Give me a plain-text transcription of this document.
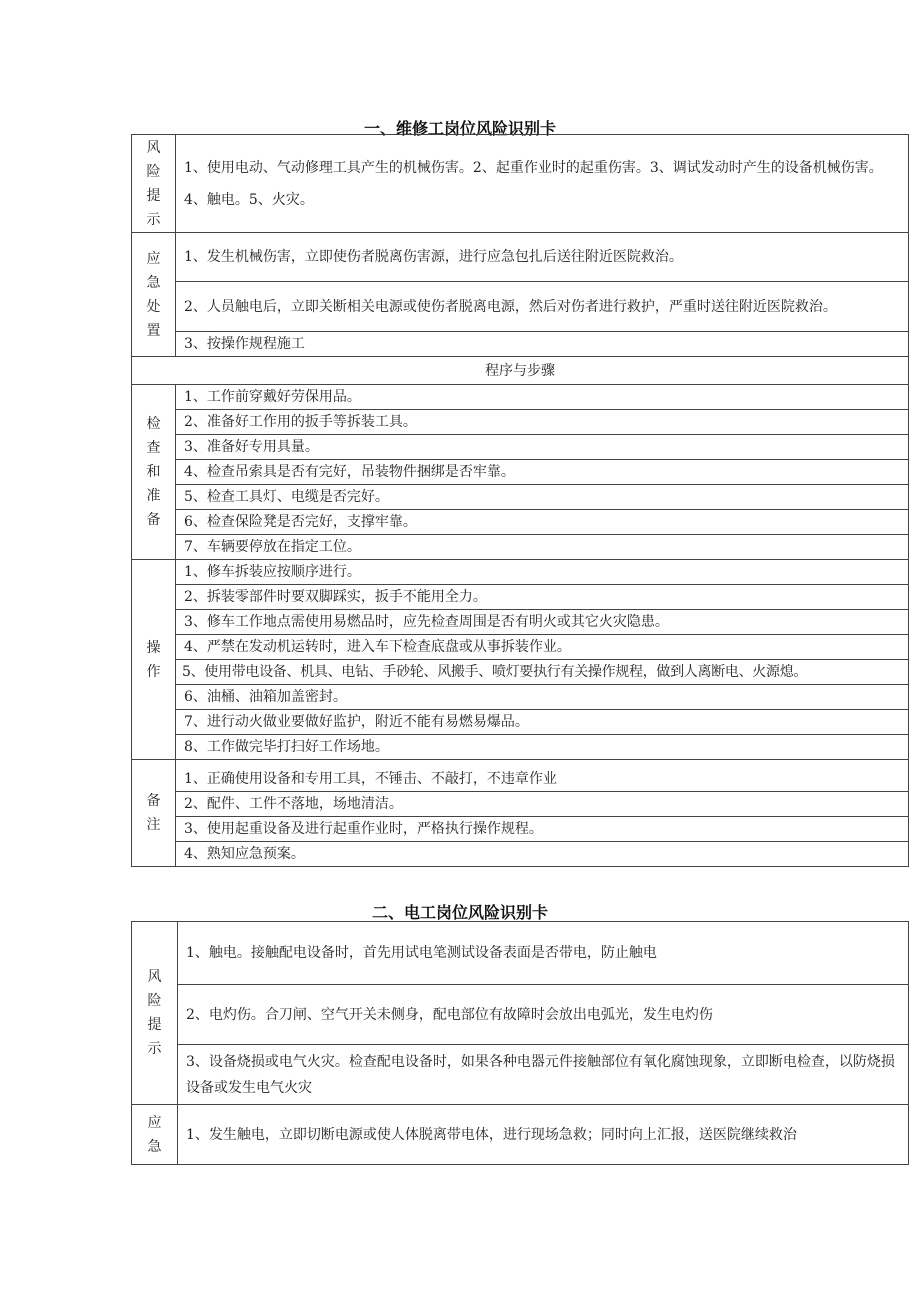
一、维修工岗位风险识别卡
风险提示	1、使用电动、气动修理工具产生的机械伤害。2、起重作业时的起重伤害。3、调试发动时产生的设备机械伤害。4、触电。5、火灾。
应急处置	1、发生机械伤害，立即使伤者脱离伤害源，进行应急包扎后送往附近医院救治。
	2、人员触电后，立即关断相关电源或使伤者脱离电源，然后对伤者进行救护，严重时送往附近医院救治。
	3、按操作规程施工
程序与步骤	
检查和准备	1、工作前穿戴好劳保用品。
	2、准备好工作用的扳手等拆装工具。
	3、准备好专用具量。
	4、检查吊索具是否有完好，吊装物件捆绑是否牢靠。
	5、检查工具灯、电缆是否完好。
	6、检查保险凳是否完好，支撑牢靠。
	7、车辆要停放在指定工位。
操作	1、修车拆装应按顺序进行。
	2、拆装零部件时要双脚踩实，扳手不能用全力。
	3、修车工作地点需使用易燃品时，应先检查周围是否有明火或其它火灾隐患。
	4、严禁在发动机运转时，进入车下检查底盘或从事拆装作业。
	5、使用带电设备、机具、电钻、手砂轮、风搬手、喷灯要执行有关操作规程，做到人离断电、火源熄。
	6、油桶、油箱加盖密封。
	7、进行动火做业要做好监护，附近不能有易燃易爆品。
	8、工作做完毕打扫好工作场地。
备注	1、正确使用设备和专用工具，不锤击、不敲打，不违章作业
	2、配件、工件不落地，场地清洁。
	3、使用起重设备及进行起重作业时，严格执行操作规程。
	4、熟知应急预案。
二、电工岗位风险识别卡
风险提示	1、触电。接触配电设备时，首先用试电笔测试设备表面是否带电，防止触电
	2、电灼伤。合刀闸、空气开关未侧身，配电部位有故障时会放出电弧光，发生电灼伤
	3、设备烧损或电气火灾。检查配电设备时，如果各种电器元件接触部位有氧化腐蚀现象，立即断电检查，以防烧损设备或发生电气火灾
应急	1、发生触电，立即切断电源或使人体脱离带电体，进行现场急救；同时向上汇报，送医院继续救治
